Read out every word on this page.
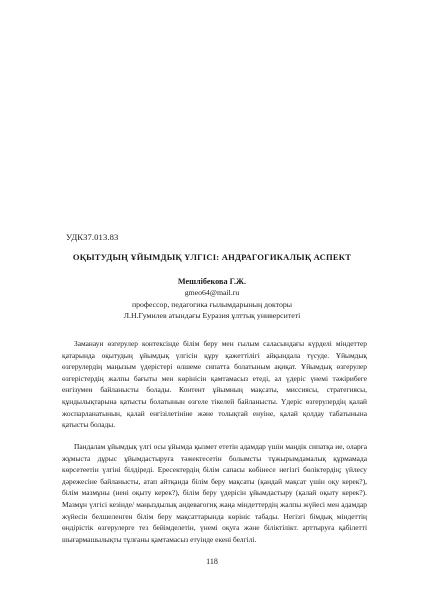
УДК37.013.83
ОҚЫТУДЫҢ ҰЙЫМДЫҚ ҮЛГІСІ: АНДРАГОГИКАЛЫҚ АСПЕКТ
Мешлібекова Г.Ж.
gmeo64@mail.ru
профессор, педагогика ғылымдарының докторы
Л.Н.Гумилев атындағы Еуразия ұлттық университеті

Заманауи өзгерулер контексінде білім беру мен ғылым саласындағы күрделі міндеттер қатарында оқытудың ұйымдық үлгісін құру қажеттілігі айқындала түсуде. Ұйымдық өзгерулердің маңызым үдерістері өлшеме сипатта болатыным ақиқат. Ұйымдық өзгерулер өзгерістердің жалпы бағыты мен көрінісін қамтамасыз етеді, ал үдеріс үнемі тәжірибеге енгізумен байланысты болады. Контент ұйымның мақсаты, миссиясы, стратегиясы, құндылықтарына қатысты болатынын өзгеле тікелей байланысты. Үдеріс өзгерулердің қалай жоспарланатынын, қалай енгізілетініне және толықтай енуіне, қалай қолдау табатынына қатысты болады.

Пандалам ұйымдық үлгі осы ұйымда қызмет ететін адамдар үшін маңдік сипатқа ие, оларға жұмыста дұрыс ұйымдастыруға тәжектесетін болымсты тұжырымдамалық құрмамада көрсетеетін үлгіні білдіреді. Ересектердің білім сапасы көбінесе негізгі бөліктердің; үйлесу дәрежесіне байланысты, атап айтқанда білім беру мақсаты (қандай мақсат үшін оқу керек?), білім мазмұны (нені оқыту керек?), білім беру үдерісін ұйымдастыру (қалай оқыту керек?). Мазмұн үлгісі кезінде/ маңыздылық андевагогиқ жаңа міндеттердің жалпы жүйесі мен адамдар жүйесін белшеленген білім беру мақсаттарында көрініс табады. Негізгі бімдық міндеттің өндірістік өзгерулерге тез бейімделетін, үнемі оқуға және біліктілікт. арттыруға қабілетті шығармашылықты тұлғаны қамтамасыз етуінде екені белгілі.

118
